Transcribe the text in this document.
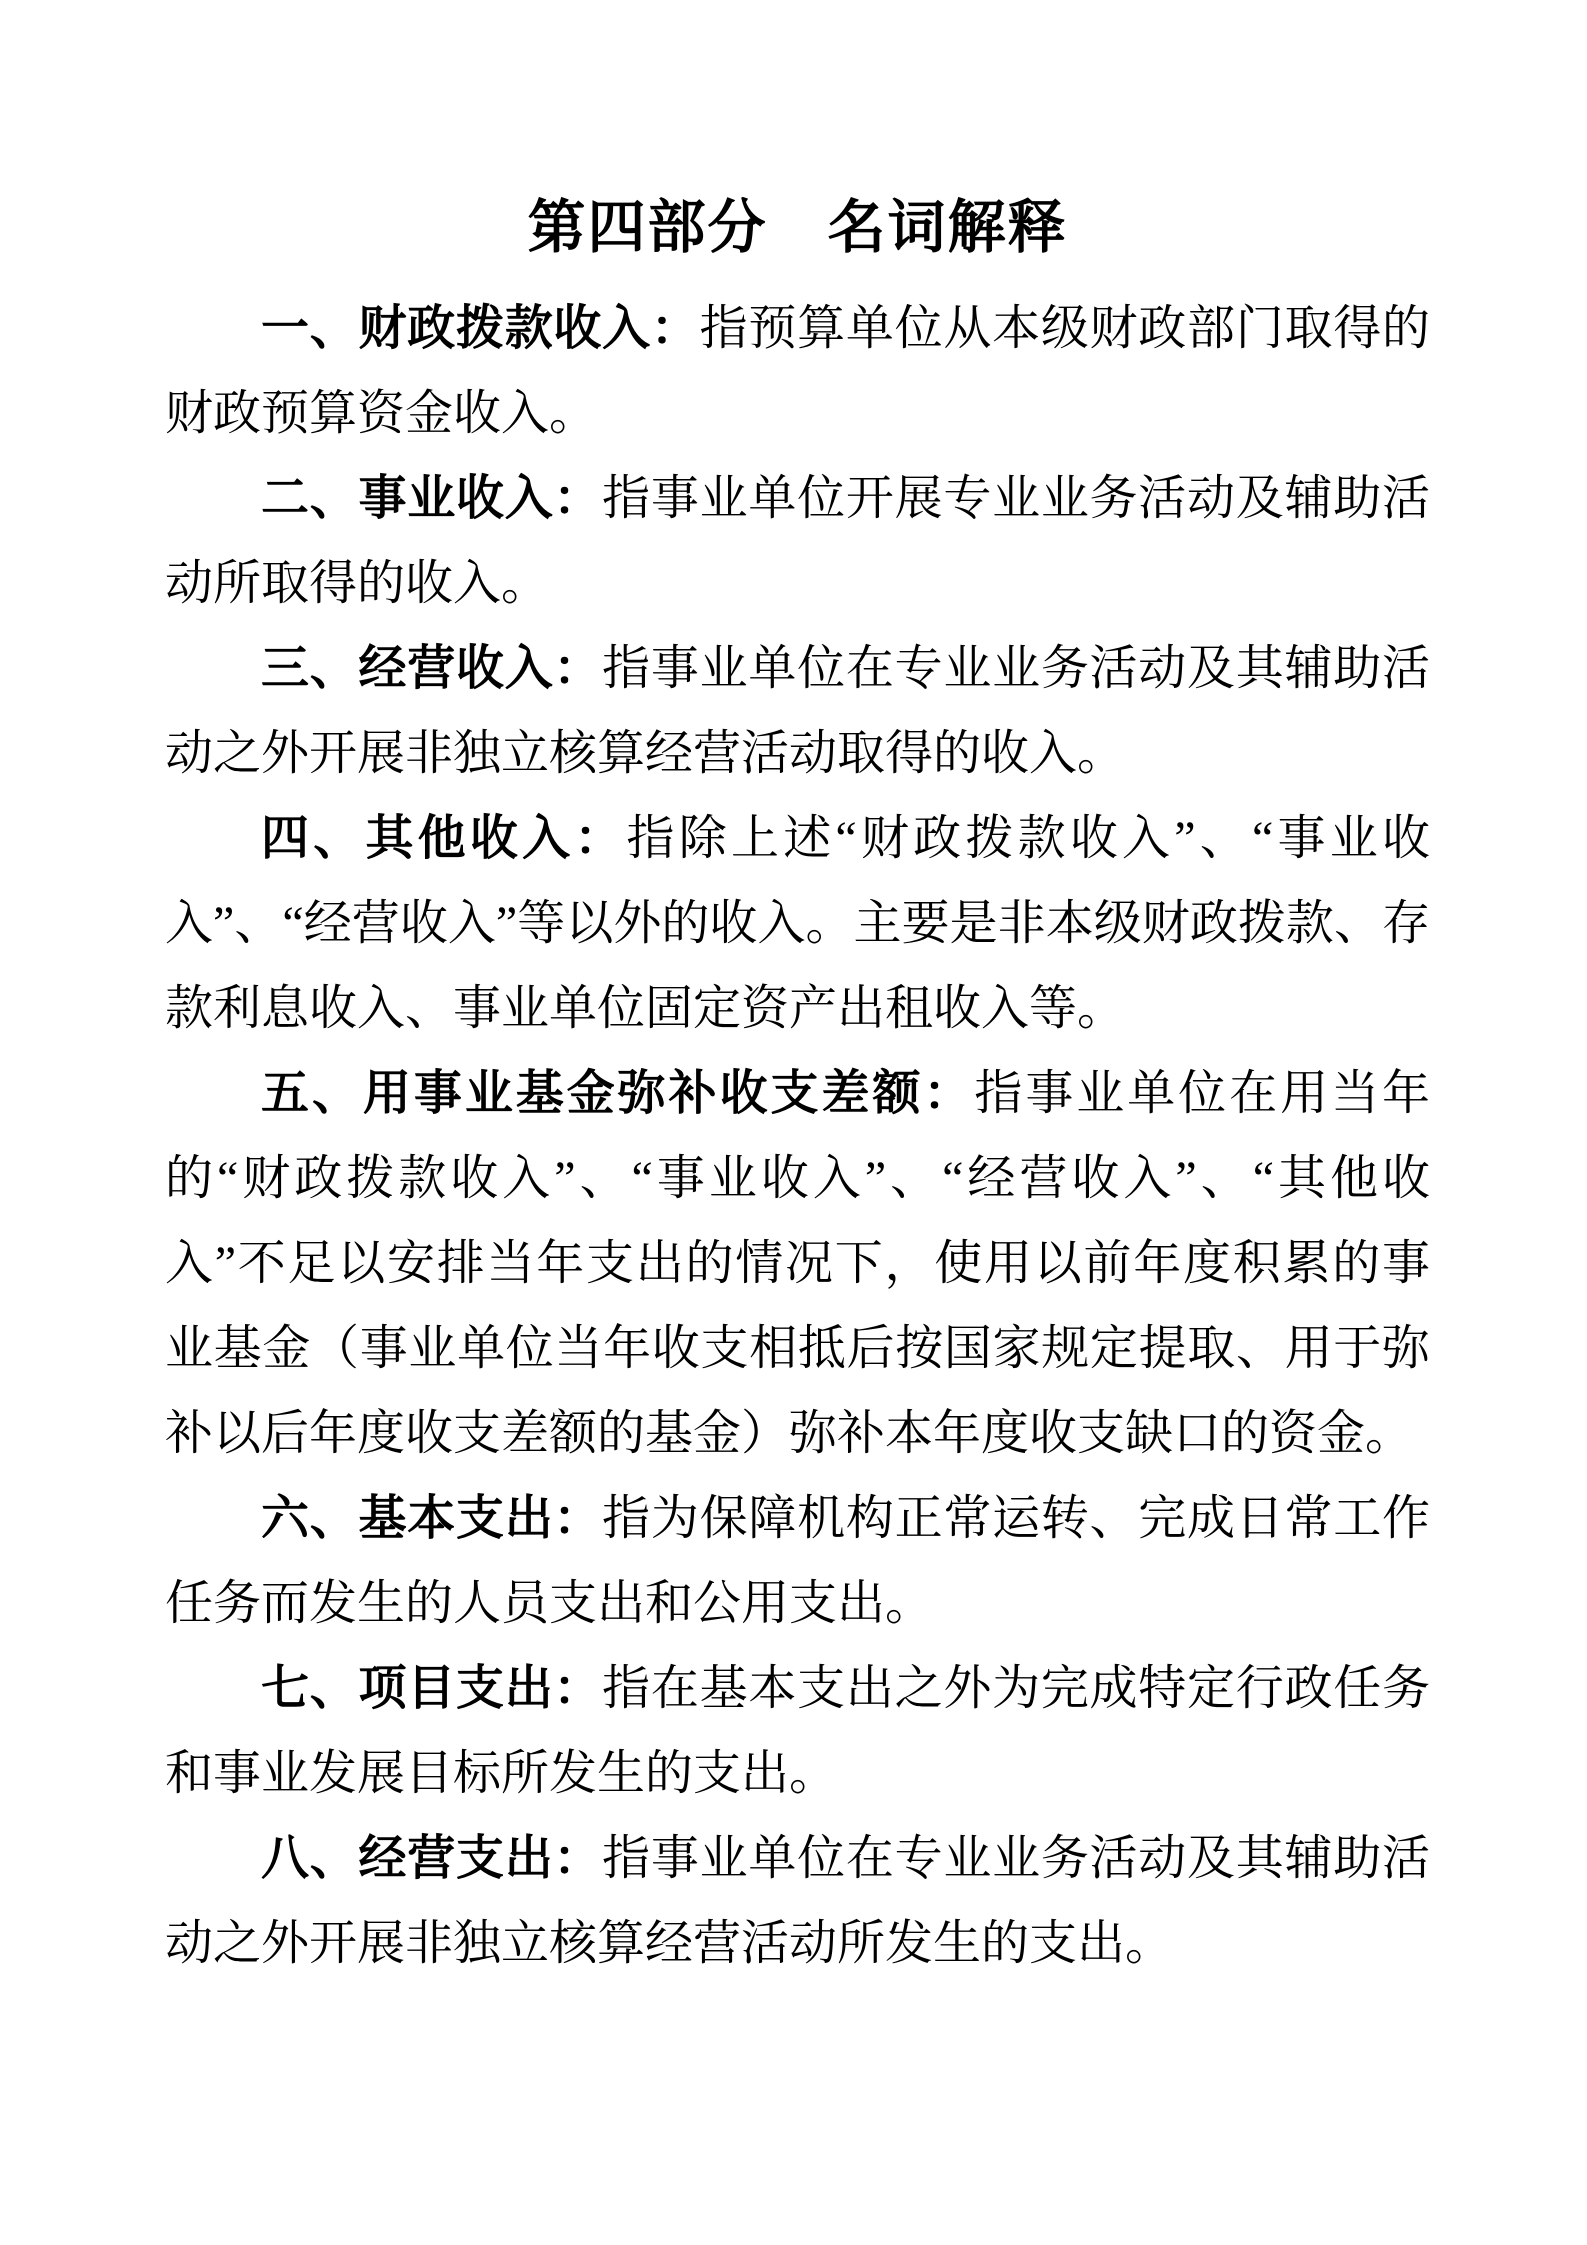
第四部分　名词解释

一、财政拨款收入：指预算单位从本级财政部门取得的财政预算资金收入。

二、事业收入：指事业单位开展专业业务活动及辅助活动所取得的收入。

三、经营收入：指事业单位在专业业务活动及其辅助活动之外开展非独立核算经营活动取得的收入。

四、其他收入：指除上述“财政拨款收入”、“事业收入”、“经营收入”等以外的收入。主要是非本级财政拨款、存款利息收入、事业单位固定资产出租收入等。

五、用事业基金弥补收支差额：指事业单位在用当年的“财政拨款收入”、“事业收入”、“经营收入”、“其他收入”不足以安排当年支出的情况下，使用以前年度积累的事业基金（事业单位当年收支相抵后按国家规定提取、用于弥补以后年度收支差额的基金）弥补本年度收支缺口的资金。

六、基本支出：指为保障机构正常运转、完成日常工作任务而发生的人员支出和公用支出。

七、项目支出：指在基本支出之外为完成特定行政任务和事业发展目标所发生的支出。

八、经营支出：指事业单位在专业业务活动及其辅助活动之外开展非独立核算经营活动所发生的支出。
